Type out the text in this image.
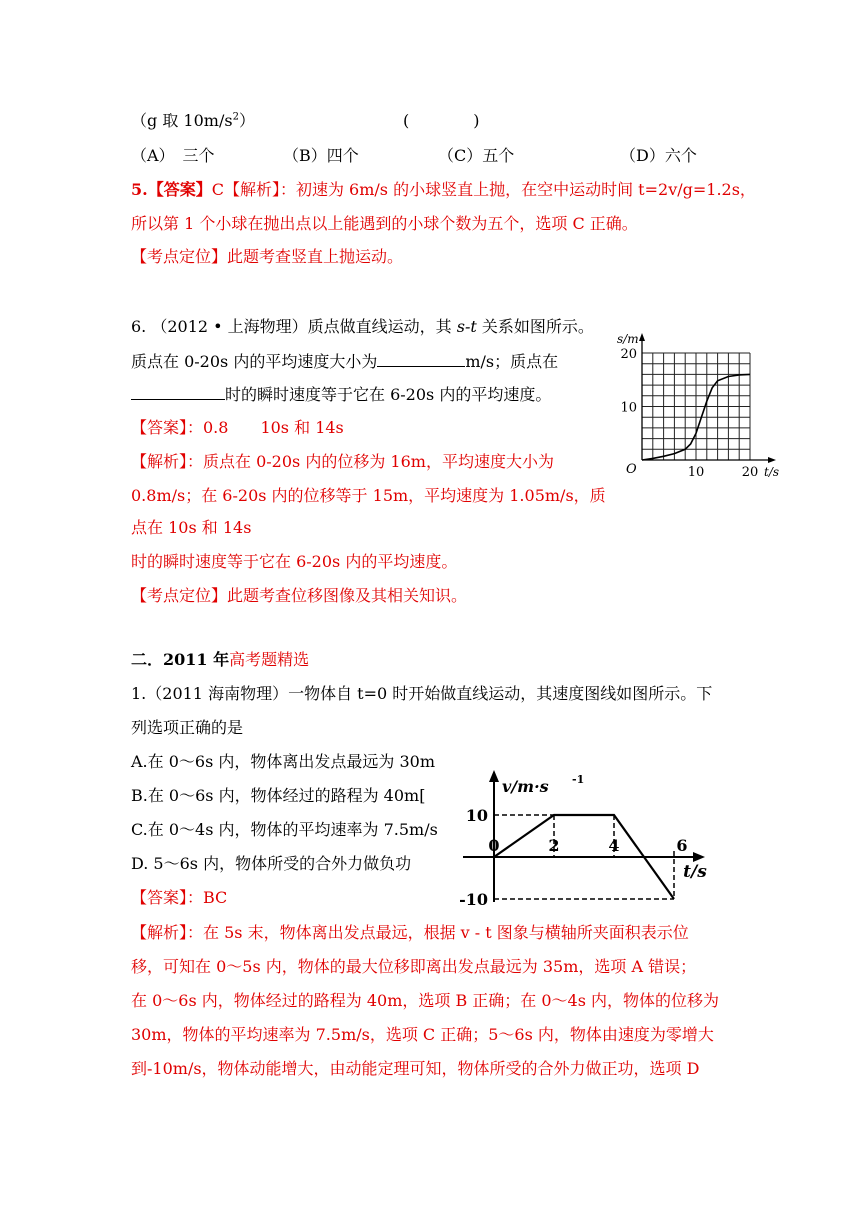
（g 取 $10m/s^2$）	(　　　　)
（A）　三个	（B）四个	（C）五个	（D）六个
5.【答案】C【解析】：初速为 6m/s 的小球竖直上抛，在空中运动时间 t=2v/g=1.2s，
所以第 1 个小球在抛出点以上能遇到的小球个数为五个，选项 C 正确。
【考点定位】此题考查竖直上抛运动。
6. （2012 • 上海物理）质点做直线运动，其 s-t 关系如图所示。
质点在 0-20s 内的平均速度大小为	m/s；质点在
时的瞬时速度等于它在 6-20s 内的平均速度。
【答案】：0.8　　10s 和 14s
【解析】：质点在 0-20s 内的位移为 16m，平均速度大小为
0.8m/s；在 6-20s 内的位移等于 15m，平均速度为 1.05m/s，质
点在 10s 和 14s
时的瞬时速度等于它在 6-20s 内的平均速度。
【考点定位】此题考查位移图像及其相关知识。
s/m
t/s
O
10
20
10	20
二．2011 年高考题精选
1.（2011 海南物理）一物体自 t=0 时开始做直线运动，其速度图线如图所示。下
列选项正确的是
A.在 0～6s 内，物体离出发点最远为 30m
B.在 0～6s 内，物体经过的路程为 40m[
C.在 0～4s 内，物体的平均速率为 7.5m/s
D. 5～6s 内，物体所受的合外力做负功
【答案】：BC
【解析】：在 5s 末，物体离出发点最远，根据 v - t 图象与横轴所夹面积表示位
移，可知在 0～5s 内，物体的最大位移即离出发点最远为 35m，选项 A 错误；
在 0～6s 内，物体经过的路程为 40m，选项 B 正确；在 0～4s 内，物体的位移为
30m，物体的平均速率为 7.5m/s，选项 C 正确；5～6s 内，物体由速度为零增大
到-10m/s，物体动能增大，由动能定理可知，物体所受的合外力做正功，选项 D
v/m·s -1
t/s
10
-10
0	2	4	6
